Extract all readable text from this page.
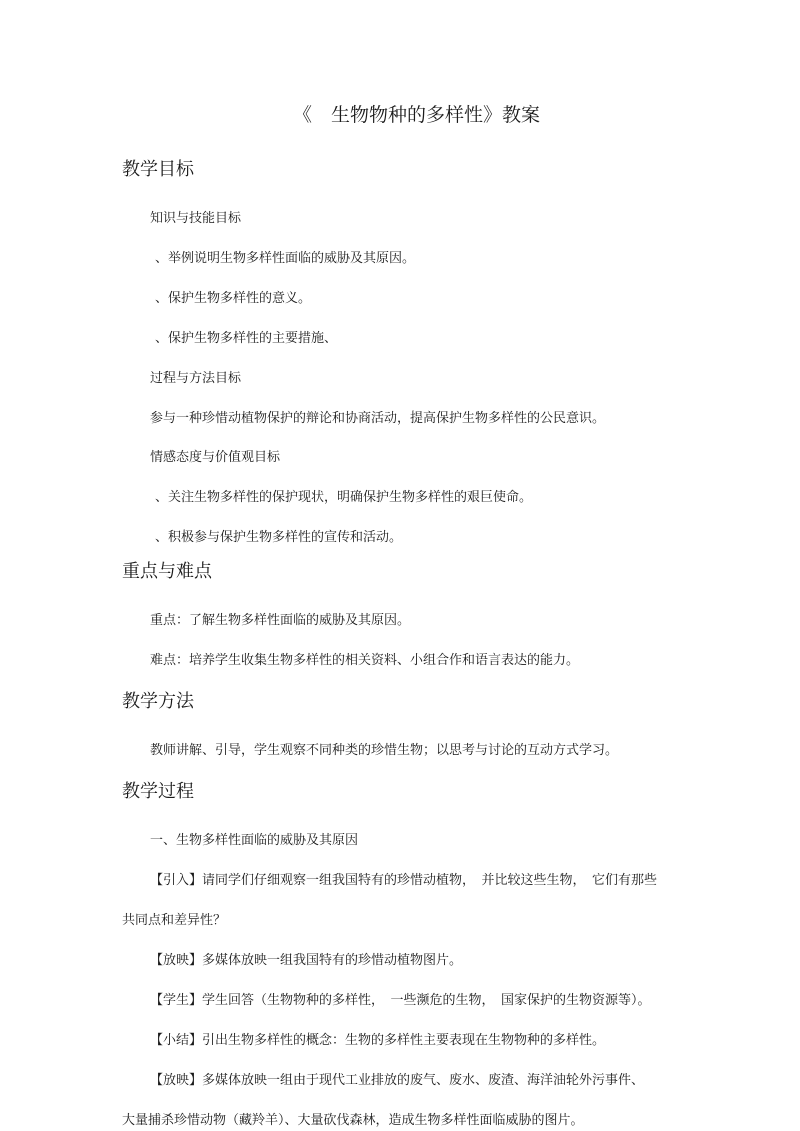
《　生物物种的多样性》教案
教学目标
知识与技能目标
、举例说明生物多样性面临的威胁及其原因。
、保护生物多样性的意义。
、保护生物多样性的主要措施、
过程与方法目标
参与一种珍惜动植物保护的辩论和协商活动，提高保护生物多样性的公民意识。
情感态度与价值观目标
、关注生物多样性的保护现状，明确保护生物多样性的艰巨使命。
、积极参与保护生物多样性的宣传和活动。
重点与难点
重点：了解生物多样性面临的威胁及其原因。
难点：培养学生收集生物多样性的相关资料、小组合作和语言表达的能力。
教学方法
教师讲解、引导，学生观察不同种类的珍惜生物；以思考与讨论的互动方式学习。
教学过程
一、生物多样性面临的威胁及其原因
【引入】请同学们仔细观察一组我国特有的珍惜动植物，　并比较这些生物，　它们有那些
共同点和差异性？
【放映】多媒体放映一组我国特有的珍惜动植物图片。
【学生】学生回答（生物物种的多样性，　一些濒危的生物，　国家保护的生物资源等）。
【小结】引出生物多样性的概念：生物的多样性主要表现在生物物种的多样性。
【放映】多媒体放映一组由于现代工业排放的废气、废水、废渣、海洋油轮外污事件、
大量捕杀珍惜动物（藏羚羊）、大量砍伐森林，造成生物多样性面临威胁的图片。
